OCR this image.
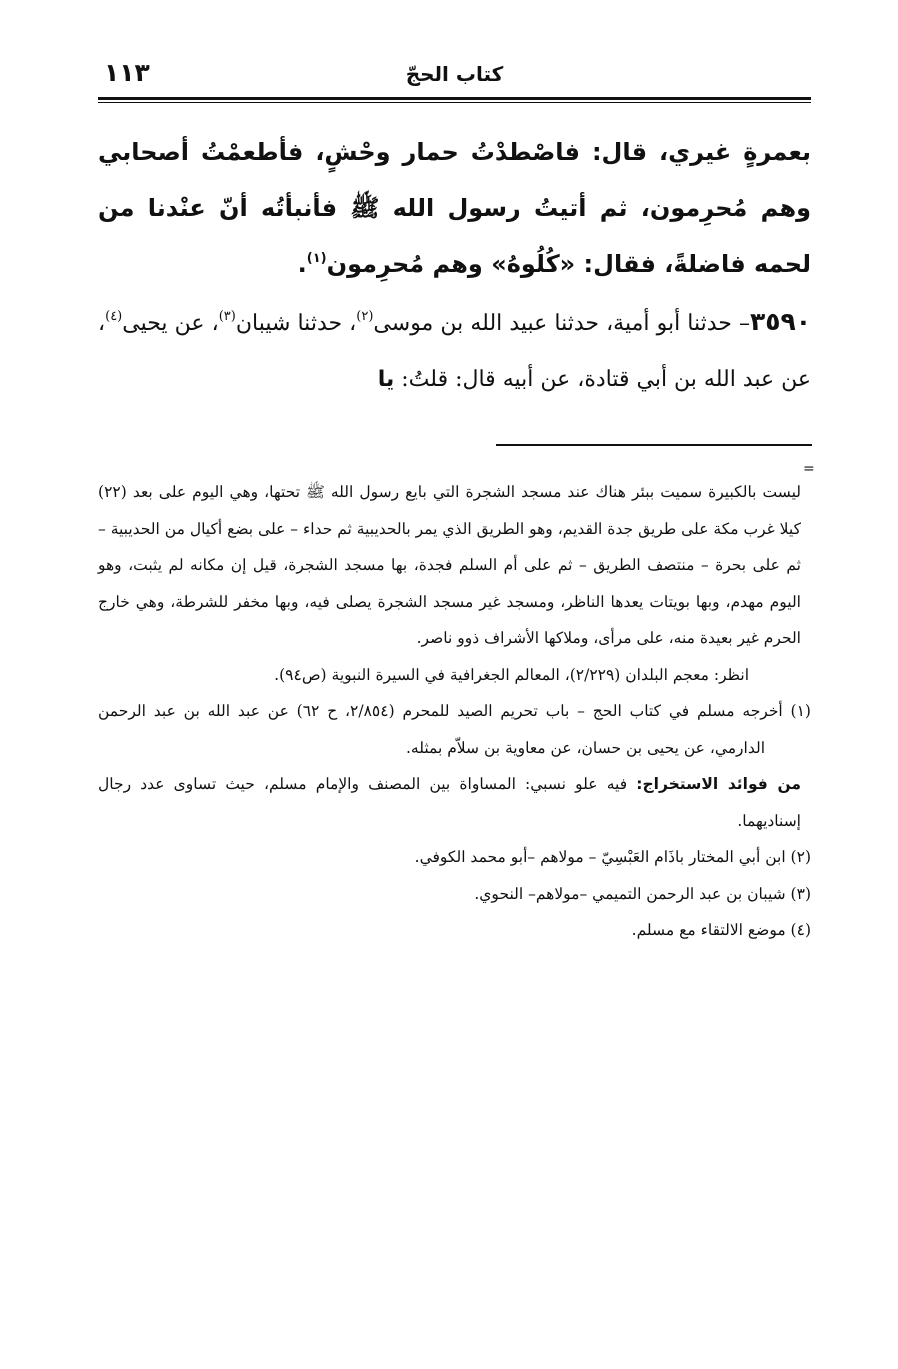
كتاب الحجّ
١١٣
بعمرةٍ غيري، قال: فاصْطدْتُ حمار وحْشٍ، فأطعمْتُ أصحابي وهم مُحرِمون، ثم أتيتُ رسول الله ﷺ فأنبأتُه أنّ عنْدنا من لحمه فاضلةً، فقال: «كُلُوهُ» وهم مُحرِمون$^{(١)}$.
٣٥٩٠– حدثنا أبو أمية، حدثنا عبيد الله بن موسى$^{(٢)}$، حدثنا شيبان$^{(٣)}$، عن يحيى$^{(٤)}$، عن عبد الله بن أبي قتادة، عن أبيه قال: قلتُ: يا
=

ليست بالكبيرة سميت ببئر هناك عند مسجد الشجرة التي بايع رسول الله ﷺ تحتها، وهي اليوم على بعد (٢٢) كيلا غرب مكة على طريق جدة القديم، وهو الطريق الذي يمر بالحديبية ثم حداء – على بضع أكيال من الحديبية – ثم على بحرة – منتصف الطريق – ثم على أم السلم فجدة، بها مسجد الشجرة، قيل إن مكانه لم يثبت، وهو اليوم مهدم، وبها بويتات يعدها الناظر، ومسجد غير مسجد الشجرة يصلى فيه، وبها مخفر للشرطة، وهي خارج الحرم غير بعيدة منه، على مرأى، وملاكها الأشراف ذوو ناصر.

انظر: معجم البلدان (٢/٢٢٩)، المعالم الجغرافية في السيرة النبوية (ص٩٤).

(١) أخرجه مسلم في كتاب الحج – باب تحريم الصيد للمحرم (٢/٨٥٤، ح ٦٢) عن عبد الله بن عبد الرحمن الدارمي، عن يحيى بن حسان، عن معاوية بن سلاّم بمثله.

من فوائد الاستخراج: فيه علو نسبي: المساواة بين المصنف والإمام مسلم، حيث تساوى عدد رجال إسناديهما.

(٢) ابن أبي المختار باذَام العَبْسِيّ – مولاهم –أبو محمد الكوفي.

(٣) شيبان بن عبد الرحمن التميمي –مولاهم– النحوي.

(٤) موضع الالتقاء مع مسلم.
